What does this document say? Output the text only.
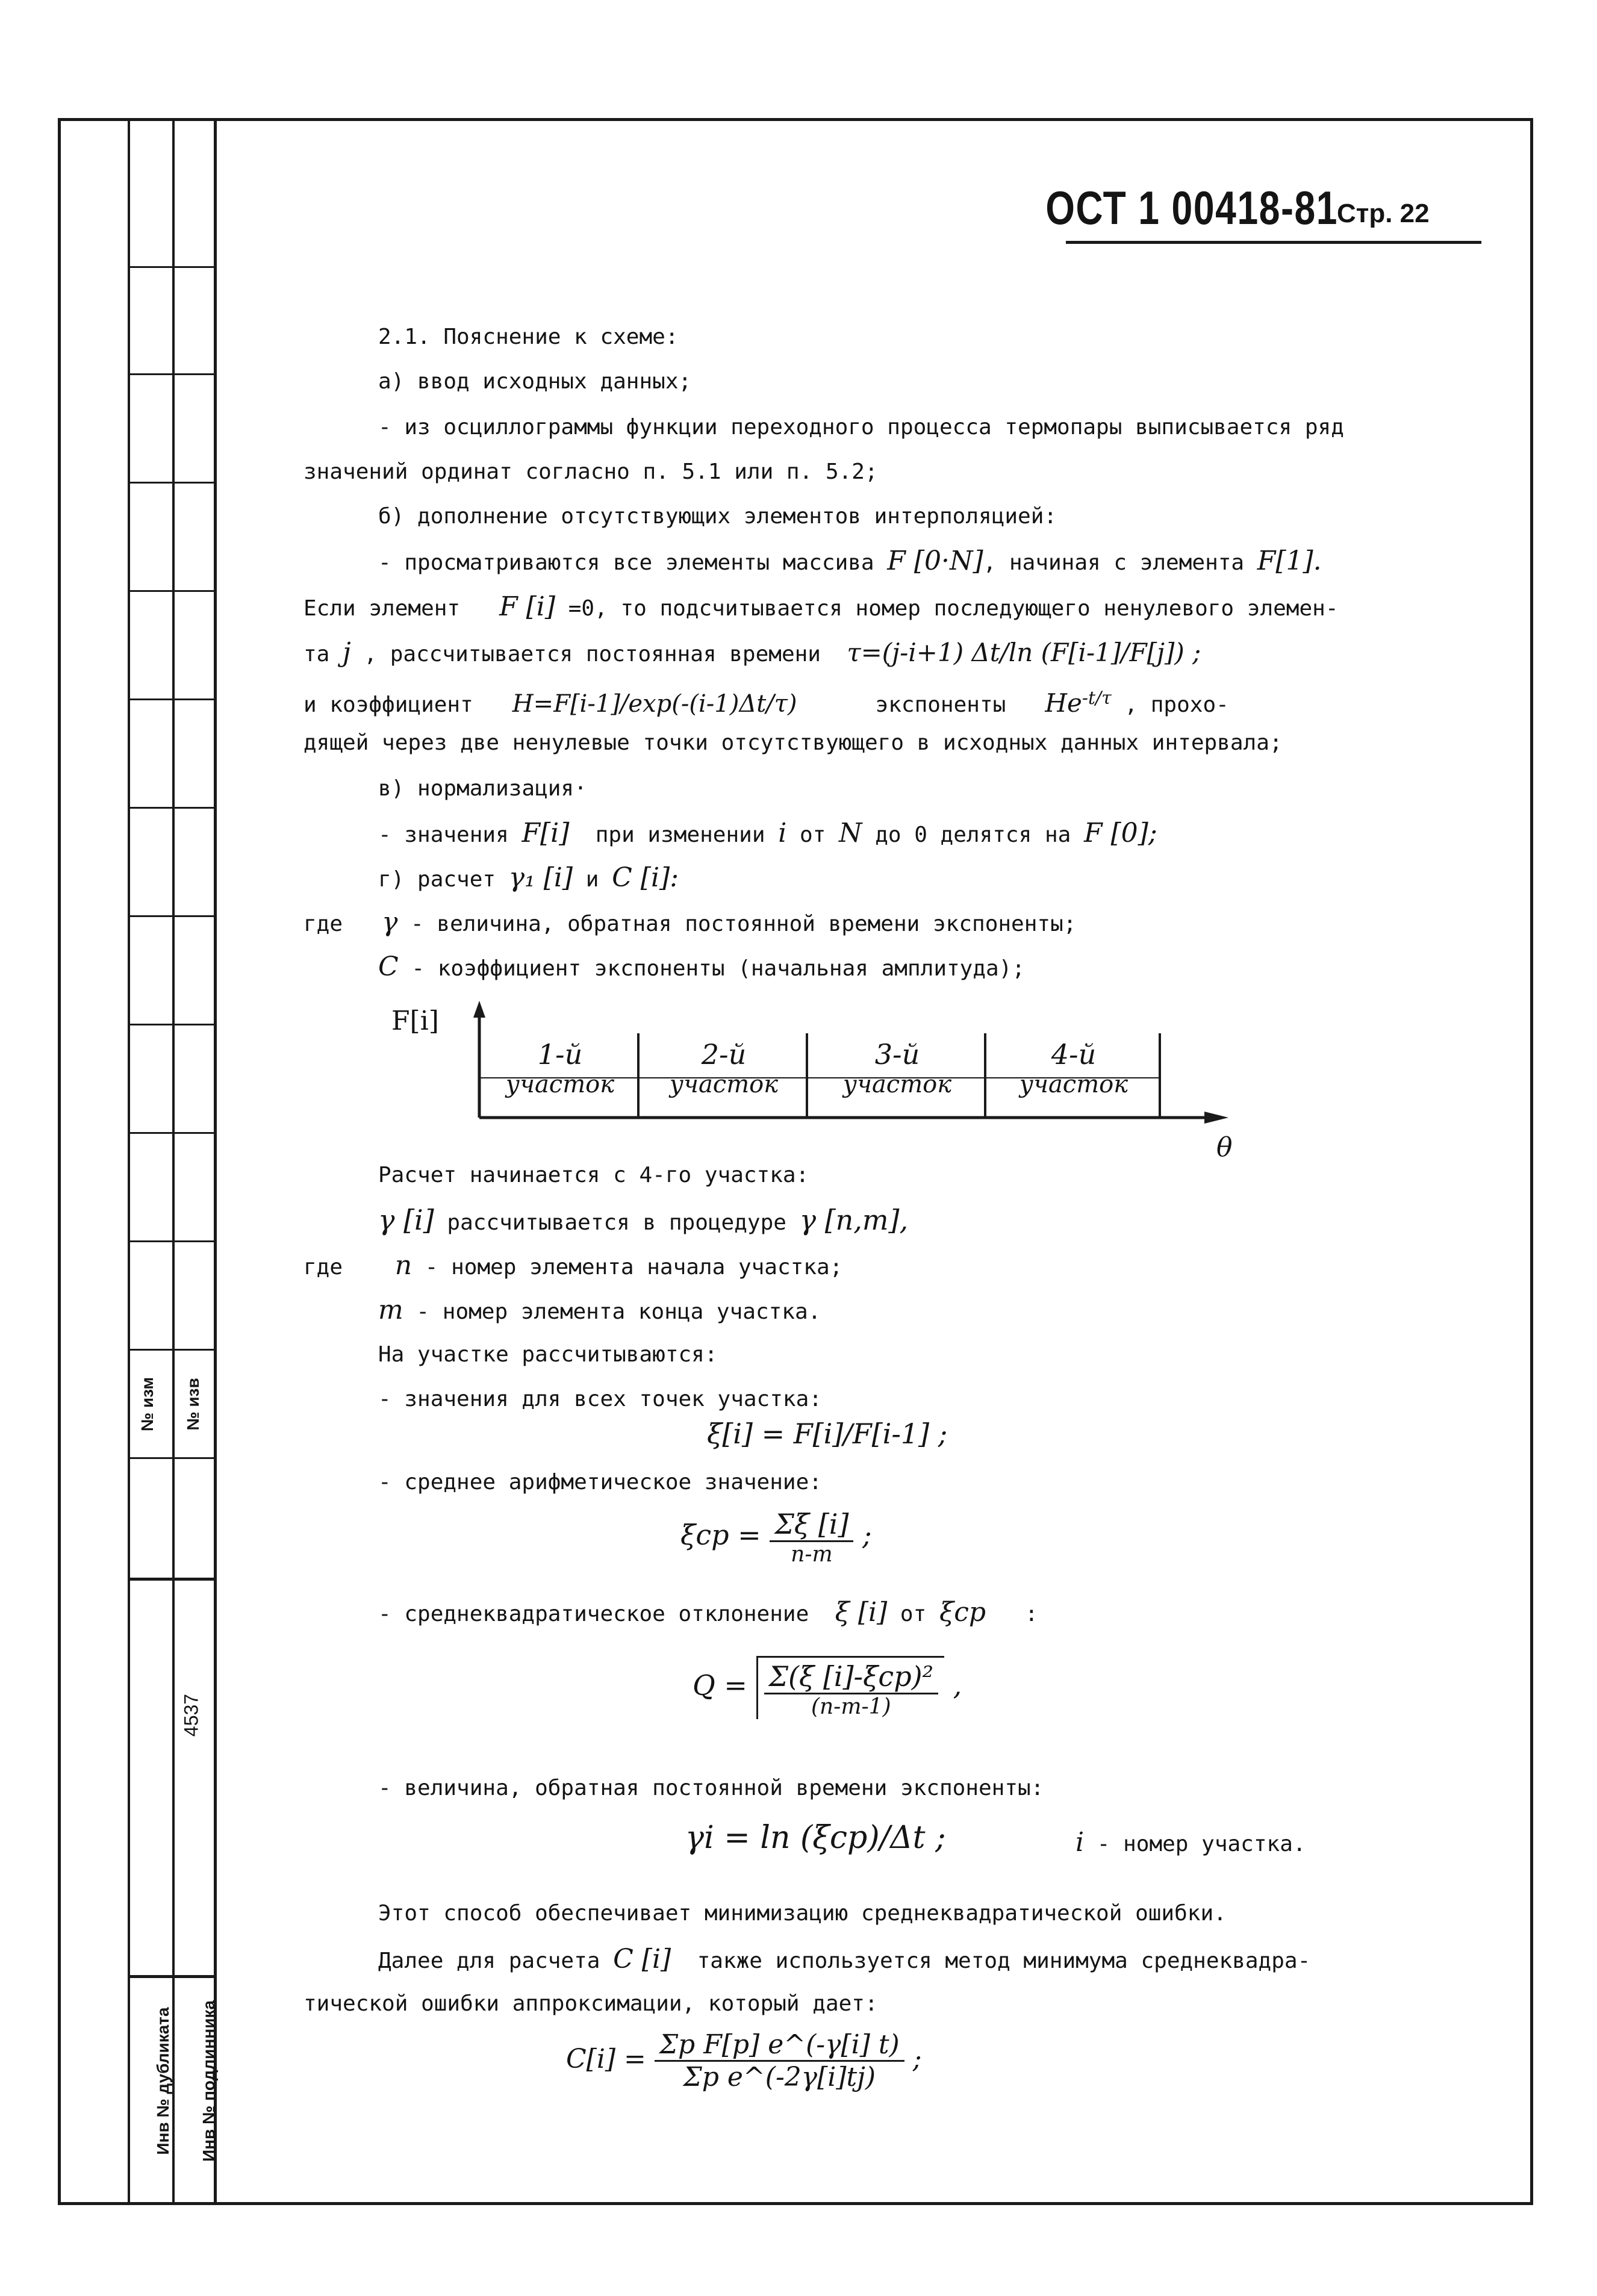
№ изм № изв
4537
Инв № дубликата Инв № подлинника
ОСТ 1 00418-81
Стр. 22
2.1. Пояснение к схеме:
а) ввод исходных данных;
- из осциллограммы функции переходного процесса термопары выписывается ряд
значений ординат согласно п. 5.1 или п. 5.2;
б) дополнение отсутствующих элементов интерполяцией:
- просматриваются все элементы массива F [0·N], начиная с элемента F[1].
Если элемент F [i] =0, то подсчитывается номер последующего ненулевого элемен-
та j , рассчитывается постоянная времени τ=(j-i+1) Δt/ln (F[i-1]/F[j]) ;
и коэффициент H=F[i-1]/exp(-(i-1)Δt/τ)	экспоненты $He^{-t/\tau}$ , прохо-
дящей через две ненулевые точки отсутствующего в исходных данных интервала;
в) нормализация·
- значения F[i] при изменении i от N до 0 делятся на F [0];
г) расчет γ₁ [i] и C [i]:
где γ - величина, обратная постоянной времени экспоненты;
C - коэффициент экспоненты (начальная амплитуда);
F[i]
θ
1-й
участок
2-й
участок
3-й
участок
4-й
участок
Расчет начинается с 4-го участка:
γ [i] рассчитывается в процедуре γ [n,m],
где n - номер элемента начала участка;
m - номер элемента конца участка.
На участке рассчитываются:
- значения для всех точек участка:
ξ[i] = F[i]/F[i-1] ;
- среднее арифметическое значение:
$\xi cp = \frac{\Sigma\xi [i]}{n-m}$ ;
- среднеквадратическое отклонение ξ [i] от ξcp :
$Q = \frac{\text{Σ(ξ [i]-ξcp)²}}{(n-m-1)}$ ,
- величина, обратная постоянной времени экспоненты:
γi = ln (ξcp)/Δt ;	i - номер участка.
Этот способ обеспечивает минимизацию среднеквадратической ошибки.
Далее для расчета C [i] также используется метод минимума среднеквадра-
тической ошибки аппроксимации, который дает:
$C[i] = \frac{\text{Σp F[p] e\textasciicircum{}(-γ[i] t)}}{\text{Σp e\textasciicircum{}(-2γ[i]tj)}}$ ;
